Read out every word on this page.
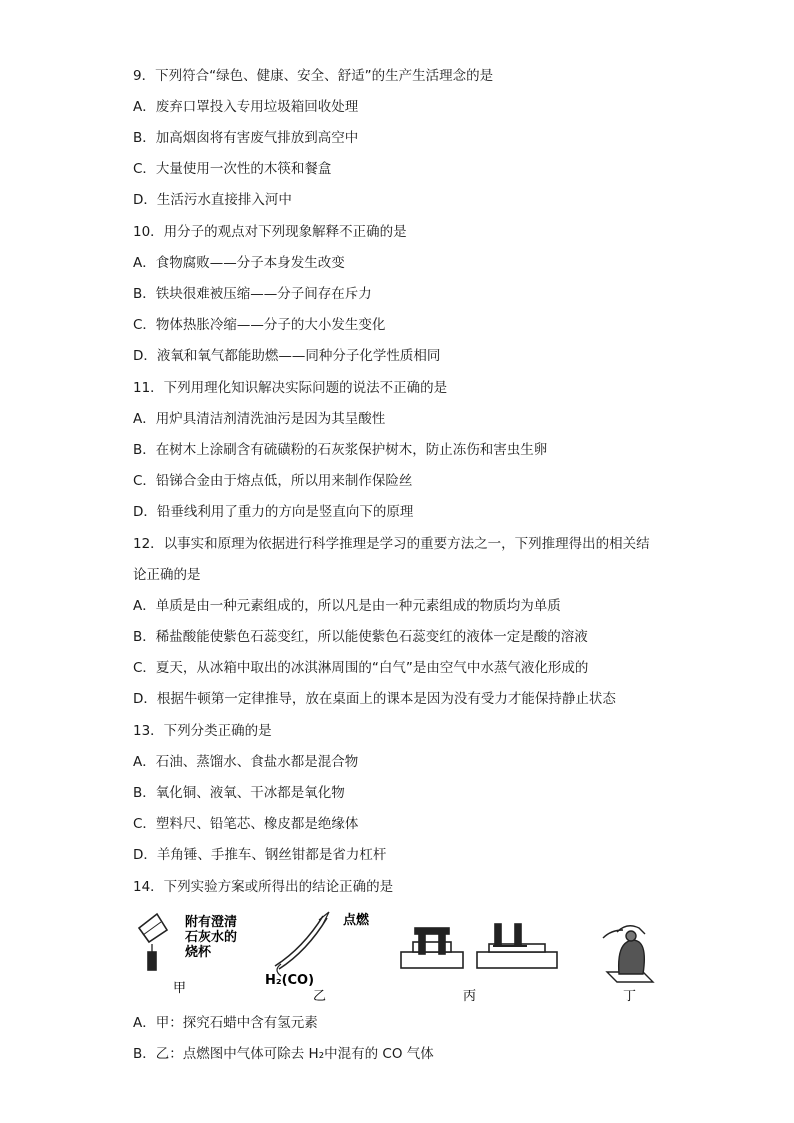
9．下列符合“绿色、健康、安全、舒适”的生产生活理念的是
A．废弃口罩投入专用垃圾箱回收处理
B．加高烟囱将有害废气排放到高空中
C．大量使用一次性的木筷和餐盒
D．生活污水直接排入河中
10．用分子的观点对下列现象解释不正确的是
A．食物腐败——分子本身发生改变
B．铁块很难被压缩——分子间存在斥力
C．物体热胀冷缩——分子的大小发生变化
D．液氧和氧气都能助燃——同种分子化学性质相同
11．下列用理化知识解决实际问题的说法不正确的是
A．用炉具清洁剂清洗油污是因为其呈酸性
B．在树木上涂刷含有硫磺粉的石灰浆保护树木，防止冻伤和害虫生卵
C．铅锑合金由于熔点低，所以用来制作保险丝
D．铅垂线利用了重力的方向是竖直向下的原理
12．以事实和原理为依据进行科学推理是学习的重要方法之一，下列推理得出的相关结
论正确的是
A．单质是由一种元素组成的，所以凡是由一种元素组成的物质均为单质
B．稀盐酸能使紫色石蕊变红，所以能使紫色石蕊变红的液体一定是酸的溶液
C．夏天，从冰箱中取出的冰淇淋周围的“白气”是由空气中水蒸气液化形成的
D．根据牛顿第一定律推导，放在桌面上的课本是因为没有受力才能保持静止状态
13．下列分类正确的是
A．石油、蒸馏水、食盐水都是混合物
B．氧化铜、液氧、干冰都是氧化物
C．塑料尺、铅笔芯、橡皮都是绝缘体
D．羊角锤、手推车、钢丝钳都是省力杠杆
14．下列实验方案或所得出的结论正确的是
附有澄清
石灰水的
烧杯
甲
点燃
H₂(CO)
乙	丙	丁
A．甲：探究石蜡中含有氢元素
B．乙：点燃图中气体可除去 H₂中混有的 CO 气体
